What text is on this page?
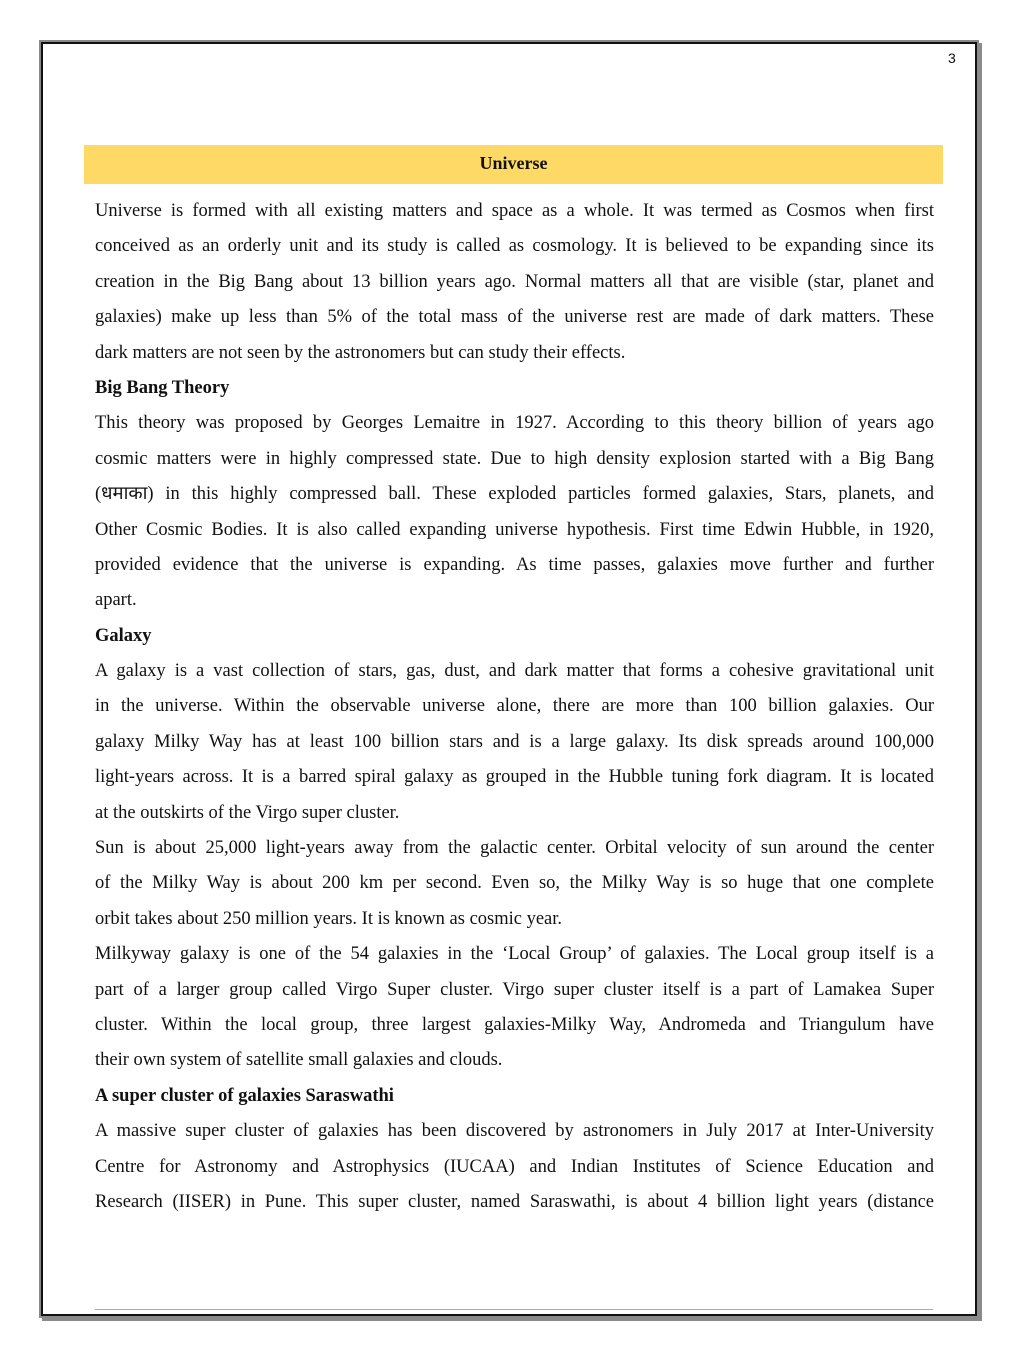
3
Universe
Universe is formed with all existing matters and space as a whole. It was termed as Cosmos when first
conceived as an orderly unit and its study is called as cosmology. It is believed to be expanding since its
creation in the Big Bang about 13 billion years ago. Normal matters all that are visible (star, planet and
galaxies) make up less than 5% of the total mass of the universe rest are made of dark matters. These
dark matters are not seen by the astronomers but can study their effects.
Big Bang Theory
This theory was proposed by Georges Lemaitre in 1927. According to this theory billion of years ago
cosmic matters were in highly compressed state. Due to high density explosion started with a Big Bang
(धमाका) in this highly compressed ball. These exploded particles formed galaxies, Stars, planets, and
Other Cosmic Bodies. It is also called expanding universe hypothesis. First time Edwin Hubble, in 1920,
provided evidence that the universe is expanding. As time passes, galaxies move further and further
apart.
Galaxy
A galaxy is a vast collection of stars, gas, dust, and dark matter that forms a cohesive gravitational unit
in the universe. Within the observable universe alone, there are more than 100 billion galaxies. Our
galaxy Milky Way has at least 100 billion stars and is a large galaxy. Its disk spreads around 100,000
light-years across. It is a barred spiral galaxy as grouped in the Hubble tuning fork diagram. It is located
at the outskirts of the Virgo super cluster.
Sun is about 25,000 light-years away from the galactic center. Orbital velocity of sun around the center
of the Milky Way is about 200 km per second. Even so, the Milky Way is so huge that one complete
orbit takes about 250 million years. It is known as cosmic year.
Milkyway galaxy is one of the 54 galaxies in the ‘Local Group’ of galaxies. The Local group itself is a
part of a larger group called Virgo Super cluster. Virgo super cluster itself is a part of Lamakea Super
cluster. Within the local group, three largest galaxies-Milky Way, Andromeda and Triangulum have
their own system of satellite small galaxies and clouds.
A super cluster of galaxies Saraswathi
A massive super cluster of galaxies has been discovered by astronomers in July 2017 at Inter-University
Centre for Astronomy and Astrophysics (IUCAA) and Indian Institutes of Science Education and
Research (IISER) in Pune. This super cluster, named Saraswathi, is about 4 billion light years (distance
